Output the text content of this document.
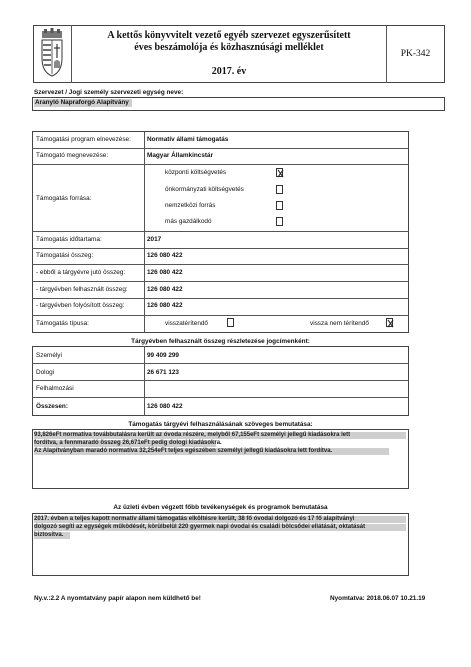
A kettős könyvvitelt vezető egyéb szervezet egyszerűsített
éves beszámolója és közhasznúsági melléklet
2017. év
PK-342
Szervezet / Jogi személy szervezeti egység neve:
Aranyló Napraforgó Alapítvány
Támogatási program elnevezése:	Normatív állami támogatás
Támogató megnevezése:	Magyar Államkincstár
Támogatás forrása:
központi költségvetés
önkormányzati költségvetés
nemzetközi forrás
más gazdálkodó
Támogatás időtartama:	2017
Támogatási összeg:	126 080 422
- ebből a tárgyévre jutó összeg:	126 080 422
- tárgyévben felhasznált összeg:	126 080 422
- tárgyévben folyósított összeg:	126 080 422
Támogatás típusa:	visszatérítendő	vissza nem térítendő
Tárgyévben felhasznált összeg részletezése jogcímenként:
Személyi	99 409 299
Dologi	26 671 123
Felhalmozási
Összesen:	126 080 422
Támogatás tárgyévi felhasználásának szöveges bemutatása:
93,826eFt normatíva továbbutalásra került az óvoda részére, melyből 67,155eFt személyi jellegű kiadásokra lett
fordítva, a fennmaradó összeg 26,671eFt pedig dologi kiadásokra.
Az Alapítványban maradó normatíva 32,254eFt teljes egészében személyi jellegű kiadásokra lett fordítva.
Az üzleti évben végzett főbb tevékenységek és programok bemutatása
2017. évben a teljes kapott normatív állami támogatás elköltésre került, 38 fő óvodai dolgozó és 17 fő alapítványi
dolgozó segíti az egységek működését, körülbelül 220 gyermek napi óvodai és családi bölcsődei ellátását, oktatását
biztosítva.
Ny.v.:2.2 A nyomtatvány papír alapon nem küldhető be!	Nyomtatva: 2018.06.07 10.21.19
